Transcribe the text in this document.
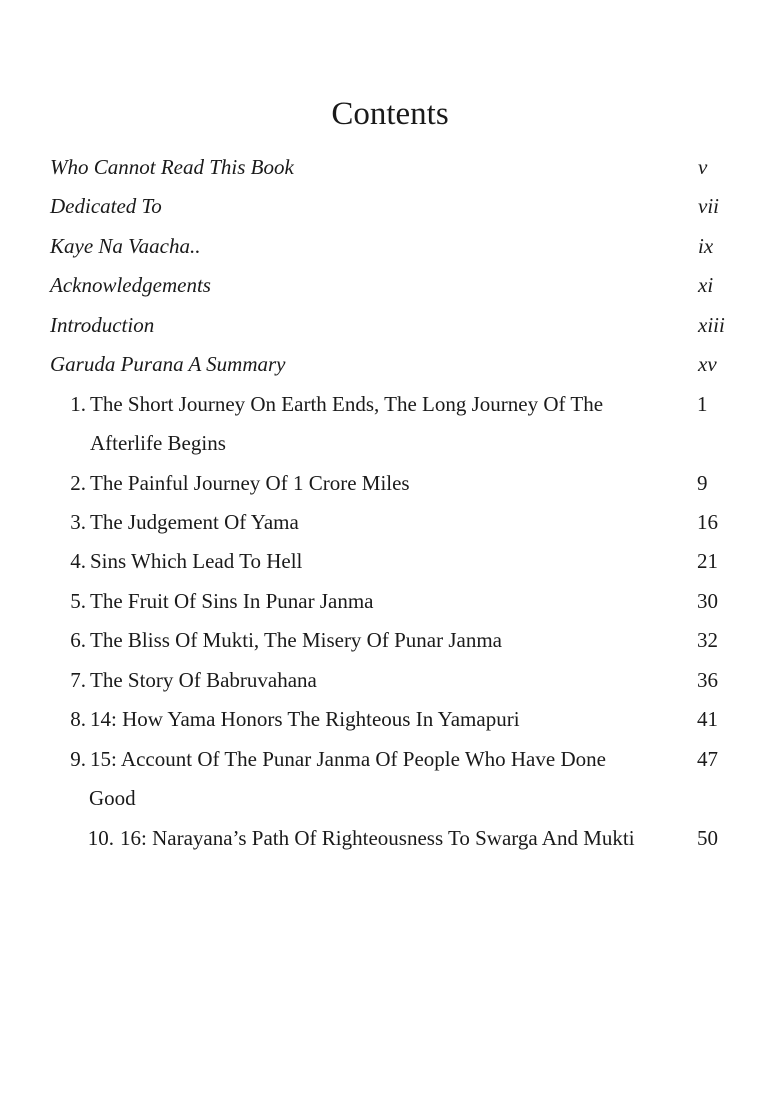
Contents
Who Cannot Read This Book	v
Dedicated To	vii
Kaye Na Vaacha..	ix
Acknowledgements	xi
Introduction	xiii
Garuda Purana A Summary	xv
1. The Short Journey On Earth Ends, The Long Journey Of The	1
Afterlife Begins
2. The Painful Journey Of 1 Crore Miles	9
3. The Judgement Of Yama	16
4. Sins Which Lead To Hell	21
5. The Fruit Of Sins In Punar Janma	30
6. The Bliss Of Mukti, The Misery Of Punar Janma	32
7. The Story Of Babruvahana	36
8. 14: How Yama Honors The Righteous In Yamapuri	41
9. 15: Account Of The Punar Janma Of People Who Have Done	47
Good
10. 16: Narayana’s Path Of Righteousness To Swarga And Mukti	50
